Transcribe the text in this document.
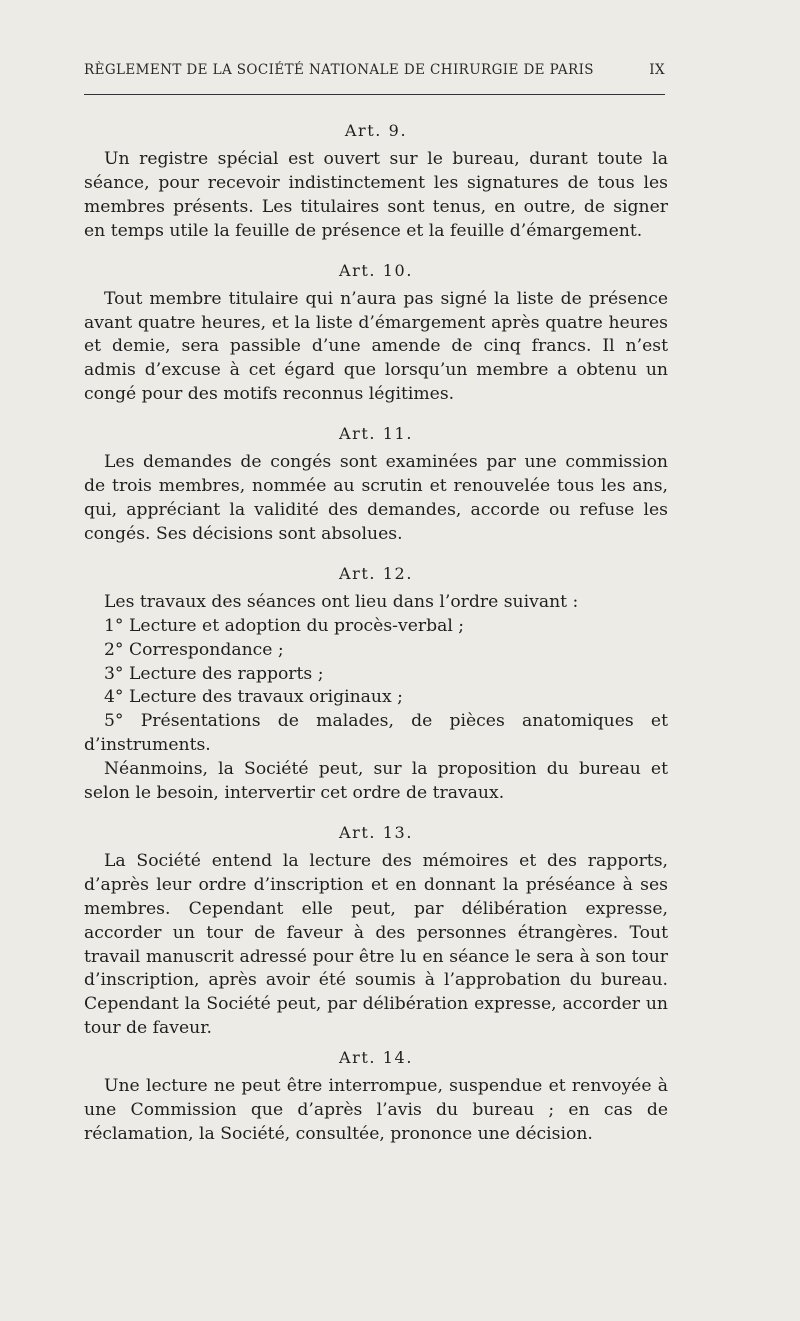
RÈGLEMENT DE LA SOCIÉTÉ NATIONALE DE CHIRURGIE DE PARIS	IX
Art. 9.

Un registre spécial est ouvert sur le bureau, durant toute la séance, pour recevoir indistinctement les signatures de tous les membres présents. Les titulaires sont tenus, en outre, de signer en temps utile la feuille de présence et la feuille d’émargement.

Art. 10.

Tout membre titulaire qui n’aura pas signé la liste de présence avant quatre heures, et la liste d’émargement après quatre heures et demie, sera passible d’une amende de cinq francs. Il n’est admis d’excuse à cet égard que lorsqu’un membre a obtenu un congé pour des motifs reconnus légitimes.

Art. 11.

Les demandes de congés sont examinées par une commission de trois membres, nommée au scrutin et renouvelée tous les ans, qui, appréciant la validité des demandes, accorde ou refuse les congés. Ses décisions sont absolues.

Art. 12.

Les travaux des séances ont lieu dans l’ordre suivant :

1° Lecture et adoption du procès-verbal ;

2° Correspondance ;

3° Lecture des rapports ;

4° Lecture des travaux originaux ;

5° Présentations de malades, de pièces anatomiques et d’instruments.

Néanmoins, la Société peut, sur la proposition du bureau et selon le besoin, intervertir cet ordre de travaux.

Art. 13.

La Société entend la lecture des mémoires et des rapports, d’après leur ordre d’inscription et en donnant la préséance à ses membres. Cependant elle peut, par délibération expresse, accorder un tour de faveur à des personnes étrangères. Tout travail manuscrit adressé pour être lu en séance le sera à son tour d’inscription, après avoir été soumis à l’approbation du bureau. Cependant la Société peut, par délibération expresse, accorder un tour de faveur.

Art. 14.

Une lecture ne peut être interrompue, suspendue et renvoyée à une Commission que d’après l’avis du bureau ; en cas de réclamation, la Société, consultée, prononce une décision.
